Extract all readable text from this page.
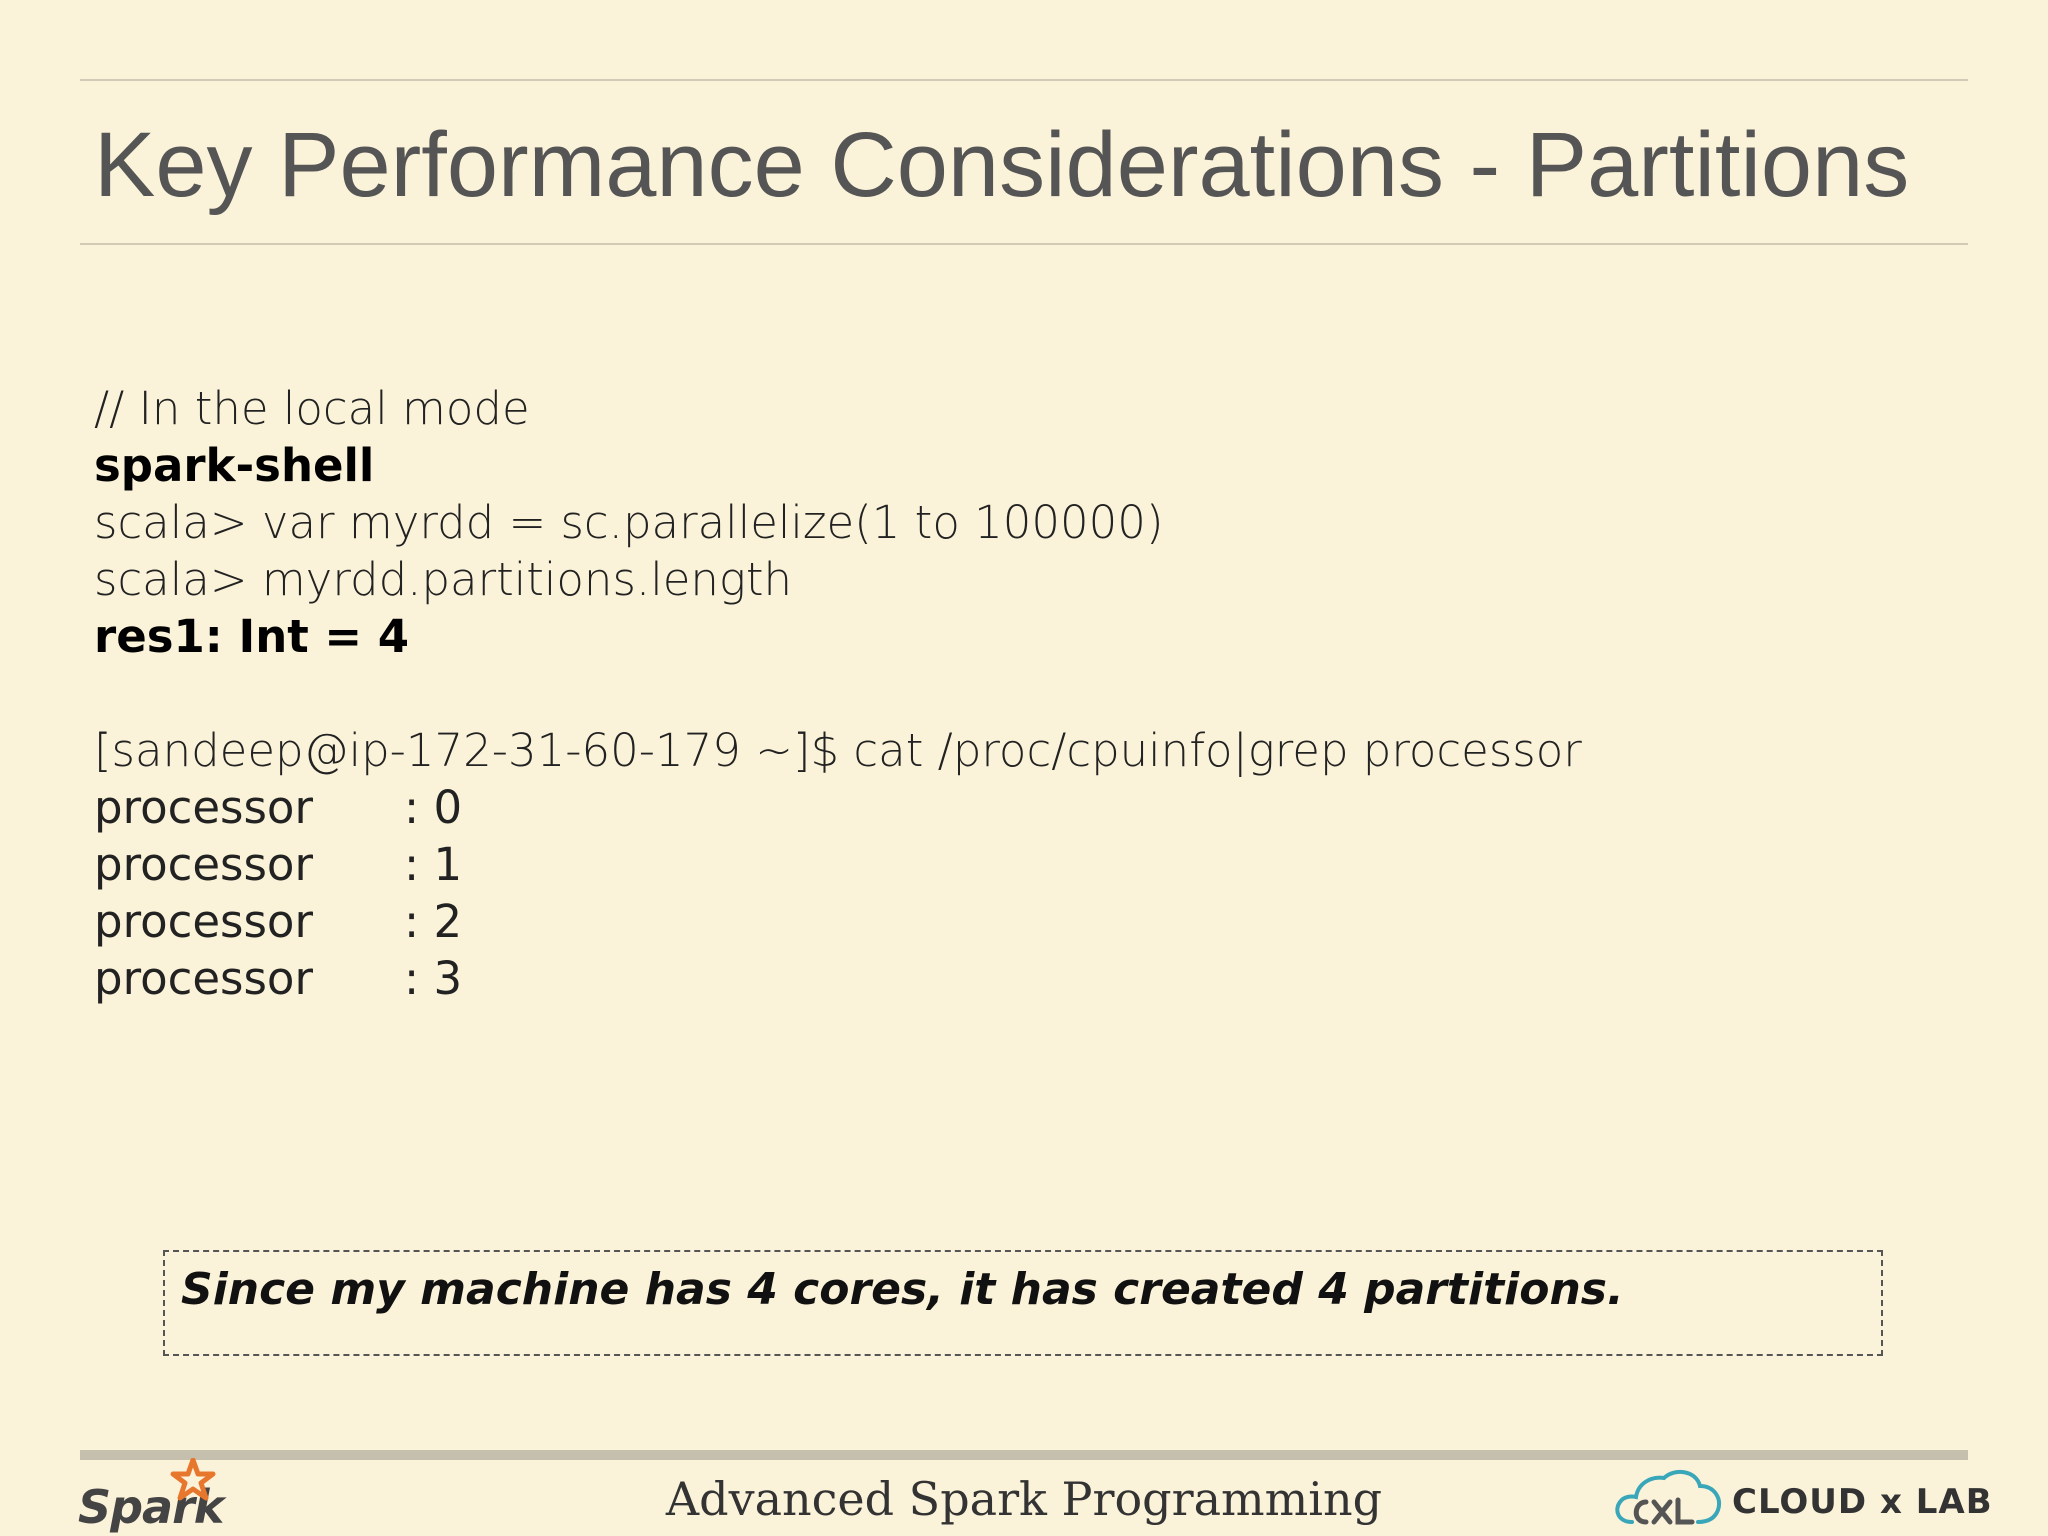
Key Performance Considerations - Partitions
// In the local mode
spark-shell
scala> var myrdd = sc.parallelize(1 to 100000)
scala> myrdd.partitions.length
res1: Int = 4
[sandeep@ip-172-31-60-179 ~]$ cat /proc/cpuinfo|grep processor
processor	: 0
processor	: 1
processor	: 2
processor	: 3
Since my machine has 4 cores, it has created 4 partitions.
Spark	Advanced Spark Programming	CLOUD x LAB
